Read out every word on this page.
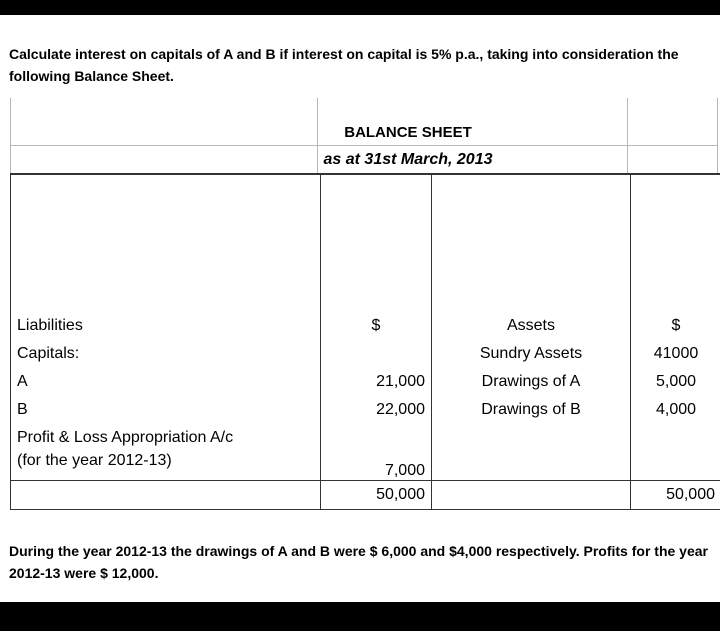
Calculate interest on capitals of A and B if interest on capital is 5% p.a., taking into consideration the following Balance Sheet.
BALANCE SHEET
as at 31st March, 2013

Liabilities	$	Assets	$
Capitals:		Sundry Assets	41000
A	21,000	Drawings of A	5,000
B	22,000	Drawings of B	4,000
Profit & Loss Appropriation A/c			
(for the year 2012-13)	7,000		
	50,000		50,000
During the year 2012-13 the drawings of A and B were $ 6,000 and $4,000 respectively. Profits for the year 2012-13 were $ 12,000.
